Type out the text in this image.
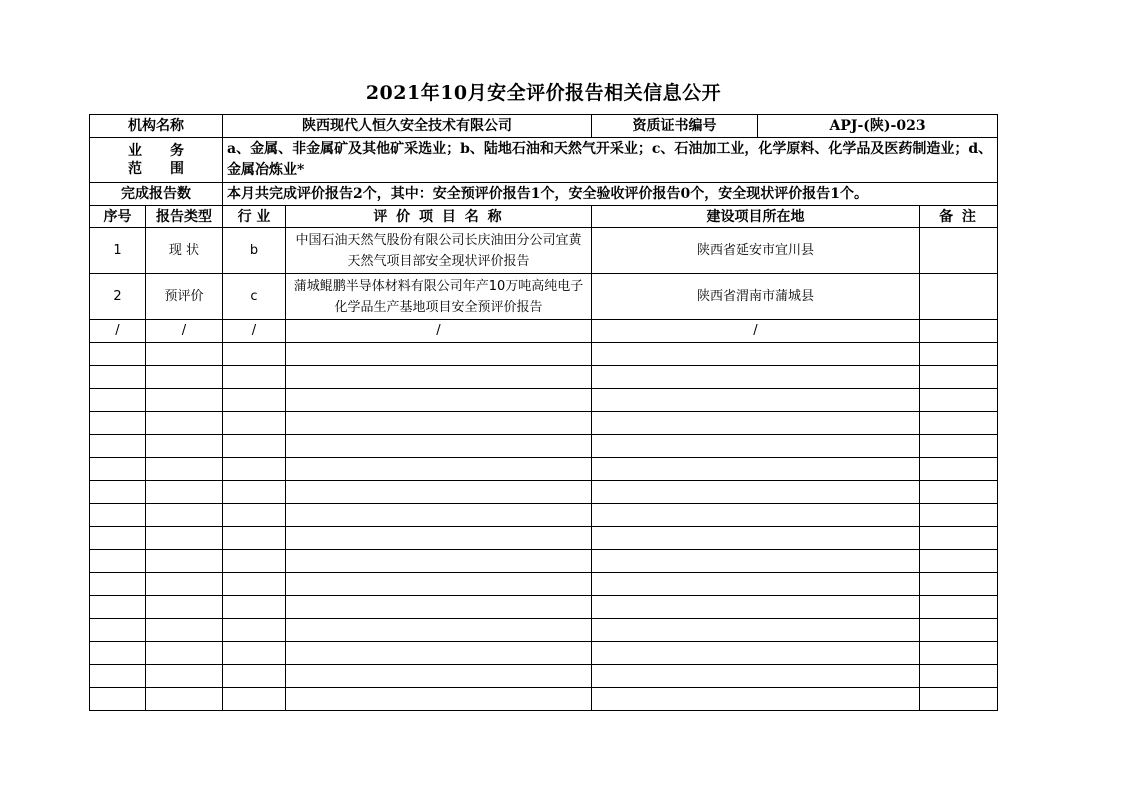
2021年10月安全评价报告相关信息公开
机构名称		陕西现代人恒久安全技术有限公司		资质证书编号	APJ-(陕)-023	

业　　务
范　　围		a、金属、非金属矿及其他矿采选业；b、陆地石油和天然气开采业；c、石油加工业，化学原料、化学品及医药制造业；d、金属冶炼业*				
完成报告数		本月共完成评价报告2个，其中：安全预评价报告1个，安全验收评价报告0个，安全现状评价报告1个。				
序号	报告类型	行 业	评 价 项 目 名 称	建设项目所在地		备 注
1	现 状	b	中国石油天然气股份有限公司长庆油田分公司宜黄天然气项目部安全现状评价报告	陕西省延安市宜川县		
2	预评价	c	蒲城鲲鹏半导体材料有限公司年产10万吨高纯电子化学品生产基地项目安全预评价报告	陕西省渭南市蒲城县		
/	/	/	/	/		
